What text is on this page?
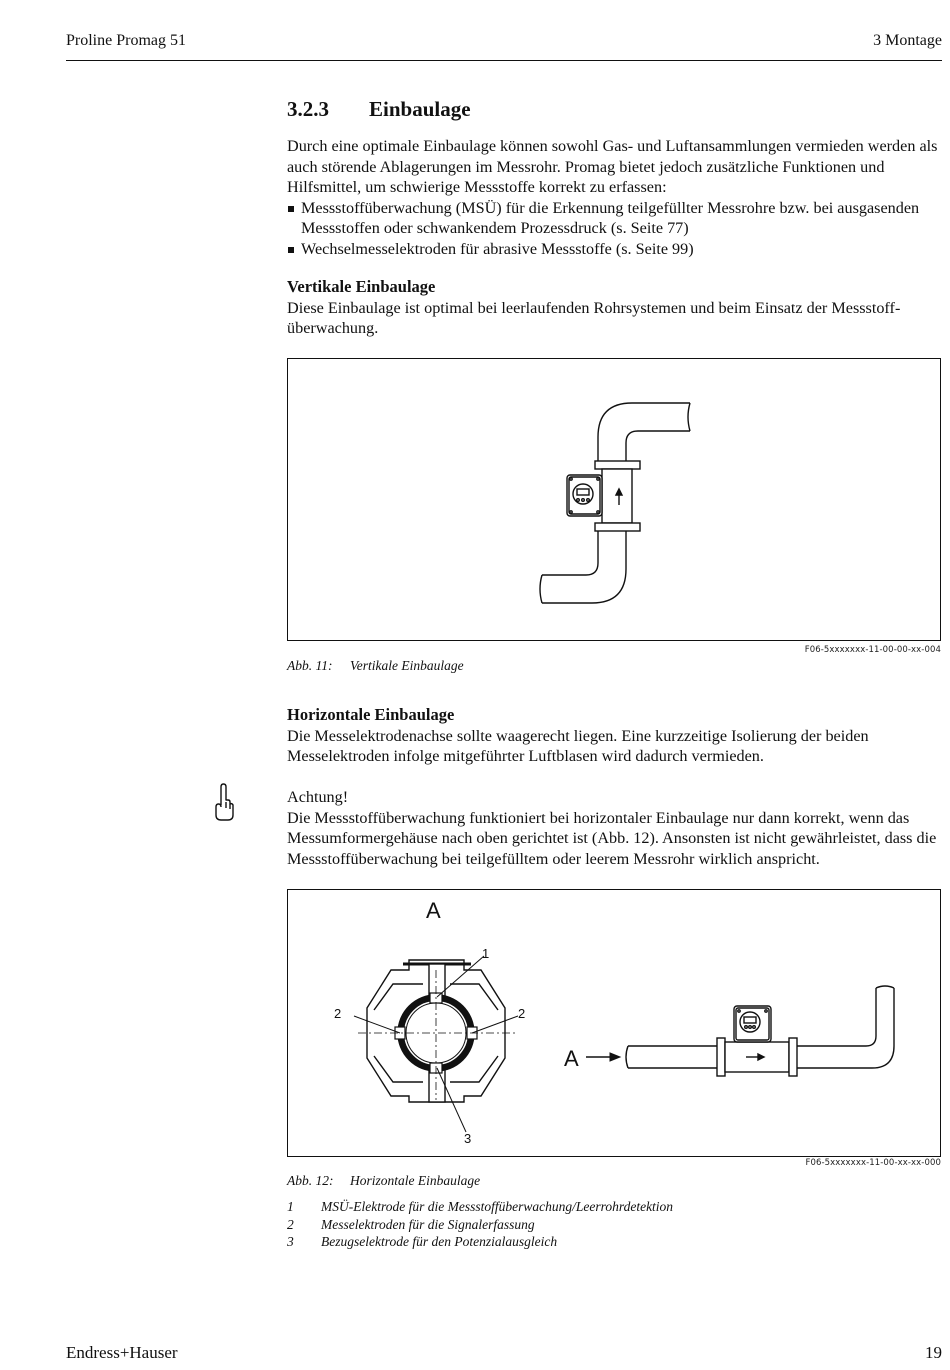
Proline Promag 51	3 Montage
3.2.3 Einbaulage

Durch eine optimale Einbaulage können sowohl Gas- und Luftansammlungen vermieden werden als auch störende Ablagerungen im Messrohr. Promag bietet jedoch zusätzliche Funktionen und Hilfsmittel, um schwierige Messstoffe korrekt zu erfassen:

Messstoffüberwachung (MSÜ) für die Erkennung teilgefüllter Messrohre bzw. bei ausgasenden Messstoffen oder schwankendem Prozessdruck (s. Seite 77)
Wechselmesselektroden für abrasive Messstoffe (s. Seite 99)
Vertikale Einbaulage

Diese Einbaulage ist optimal bei leerlaufenden Rohrsystemen und beim Einsatz der Messstoffüberwachung.

F06-5xxxxxxx-11-00-00-xx-004
Abb. 11: Vertikale Einbaulage
Horizontale Einbaulage

Die Messelektrodenachse sollte waagerecht liegen. Eine kurzzeitige Isolierung der beiden Messelektroden infolge mitgeführter Luftblasen wird dadurch vermieden.

Achtung!

Die Messstoffüberwachung funktioniert bei horizontaler Einbaulage nur dann korrekt, wenn das Messumformergehäuse nach oben gerichtet ist (Abb. 12). Ansonsten ist nicht gewährleistet, dass die Messstoffüberwachung bei teilgefülltem oder leerem Messrohr wirklich anspricht.

A
1
2	2
3
A
F06-5xxxxxxx-11-00-xx-xx-000
Abb. 12: Horizontale Einbaulage
1 MSÜ-Elektrode für die Messstoffüberwachung/Leerrohrdetektion
2 Messelektroden für die Signalerfassung
3 Bezugselektrode für den Potenzialausgleich
Endress+Hauser	19
